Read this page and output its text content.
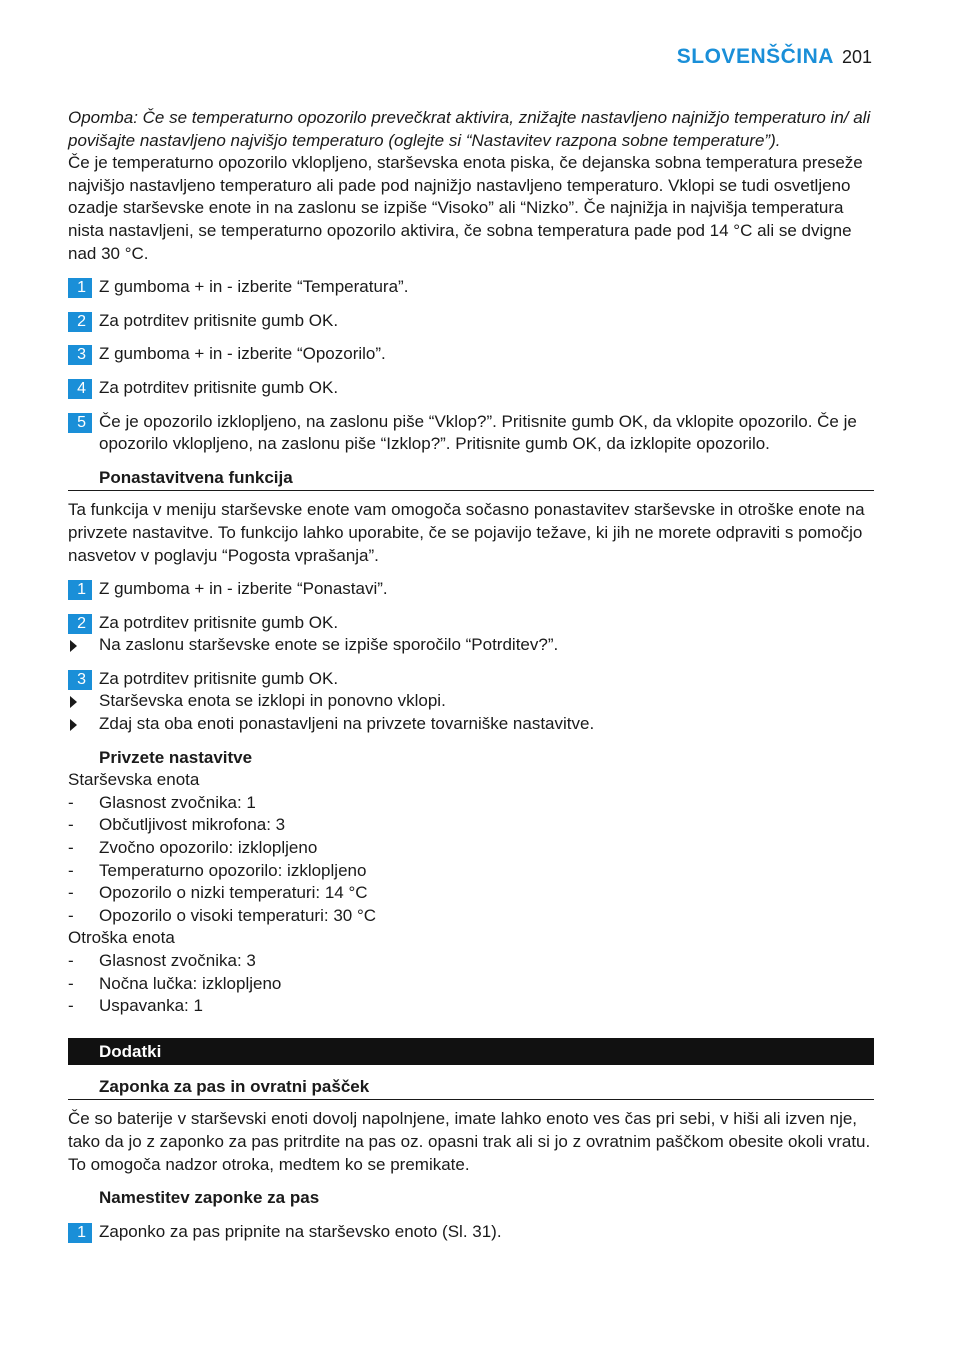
SLOVENŠČINA 201

Opomba: Če se temperaturno opozorilo prevečkrat aktivira, znižajte nastavljeno najnižjo temperaturo in/ ali povišajte nastavljeno najvišjo temperaturo (oglejte si “Nastavitev razpona sobne temperature”).

Če je temperaturno opozorilo vklopljeno, starševska enota piska, če dejanska sobna temperatura preseže najvišjo nastavljeno temperaturo ali pade pod najnižjo nastavljeno temperaturo. Vklopi se tudi osvetljeno ozadje starševske enote in na zaslonu se izpiše “Visoko” ali “Nizko”. Če najnižja in najvišja temperatura nista nastavljeni, se temperaturno opozorilo aktivira, če sobna temperatura pade pod 14 °C ali se dvigne nad 30 °C.

1 Z gumboma + in - izberite “Temperatura”.
2 Za potrditev pritisnite gumb OK.
3 Z gumboma + in - izberite “Opozorilo”.
4 Za potrditev pritisnite gumb OK.
5 Če je opozorilo izklopljeno, na zaslonu piše “Vklop?”. Pritisnite gumb OK, da vklopite opozorilo. Če je opozorilo vklopljeno, na zaslonu piše “Izklop?”. Pritisnite gumb OK, da izklopite opozorilo.
Ponastavitvena funkcija

Ta funkcija v meniju starševske enote vam omogoča sočasno ponastavitev starševske in otroške enote na privzete nastavitve. To funkcijo lahko uporabite, če se pojavijo težave, ki jih ne morete odpraviti s pomočjo nasvetov v poglavju “Pogosta vprašanja”.

1 Z gumboma + in - izberite “Ponastavi”.
2 Za potrditev pritisnite gumb OK.
Na zaslonu starševske enote se izpiše sporočilo “Potrditev?”.
3 Za potrditev pritisnite gumb OK.
Starševska enota se izklopi in ponovno vklopi.
Zdaj sta oba enoti ponastavljeni na privzete tovarniške nastavitve.
Privzete nastavitve
Starševska enota
- Glasnost zvočnika: 1
- Občutljivost mikrofona: 3
- Zvočno opozorilo: izklopljeno
- Temperaturno opozorilo: izklopljeno
- Opozorilo o nizki temperaturi: 14 °C
- Opozorilo o visoki temperaturi: 30 °C
Otroška enota
- Glasnost zvočnika: 3
- Nočna lučka: izklopljeno
- Uspavanka: 1
Dodatki
Zaponka za pas in ovratni pašček

Če so baterije v starševski enoti dovolj napolnjene, imate lahko enoto ves čas pri sebi, v hiši ali izven nje, tako da jo z zaponko za pas pritrdite na pas oz. opasni trak ali si jo z ovratnim paščkom obesite okoli vratu. To omogoča nadzor otroka, medtem ko se premikate.

Namestitev zaponke za pas
1 Zaponko za pas pripnite na starševsko enoto (Sl. 31).
